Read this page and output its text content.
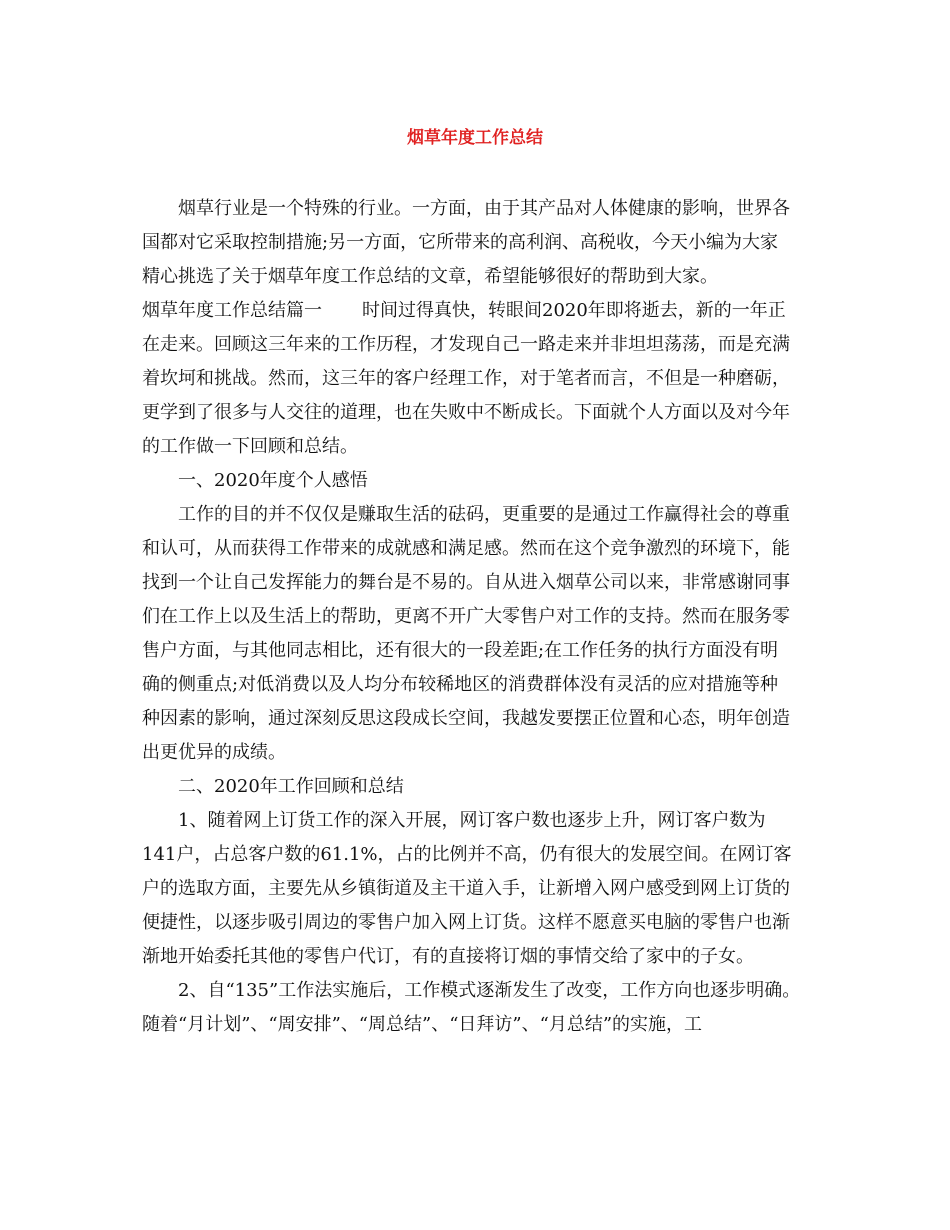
烟草年度工作总结
烟草行业是一个特殊的行业。一方面，由于其产品对人体健康的影响，世界各
国都对它采取控制措施;另一方面，它所带来的高利润、高税收，今天小编为大家
精心挑选了关于烟草年度工作总结的文章，希望能够很好的帮助到大家。
烟草年度工作总结篇一 时间过得真快，转眼间2020年即将逝去，新的一年正
在走来。回顾这三年来的工作历程，才发现自己一路走来并非坦坦荡荡，而是充满
着坎坷和挑战。然而，这三年的客户经理工作，对于笔者而言，不但是一种磨砺，
更学到了很多与人交往的道理，也在失败中不断成长。下面就个人方面以及对今年
的工作做一下回顾和总结。
一、2020年度个人感悟
工作的目的并不仅仅是赚取生活的砝码，更重要的是通过工作赢得社会的尊重
和认可，从而获得工作带来的成就感和满足感。然而在这个竞争激烈的环境下，能
找到一个让自己发挥能力的舞台是不易的。自从进入烟草公司以来，非常感谢同事
们在工作上以及生活上的帮助，更离不开广大零售户对工作的支持。然而在服务零
售户方面，与其他同志相比，还有很大的一段差距;在工作任务的执行方面没有明
确的侧重点;对低消费以及人均分布较稀地区的消费群体没有灵活的应对措施等种
种因素的影响，通过深刻反思这段成长空间，我越发要摆正位置和心态，明年创造
出更优异的成绩。
二、2020年工作回顾和总结
1、随着网上订货工作的深入开展，网订客户数也逐步上升，网订客户数为
141户，占总客户数的61.1%，占的比例并不高，仍有很大的发展空间。在网订客
户的选取方面，主要先从乡镇街道及主干道入手，让新增入网户感受到网上订货的
便捷性，以逐步吸引周边的零售户加入网上订货。这样不愿意买电脑的零售户也渐
渐地开始委托其他的零售户代订，有的直接将订烟的事情交给了家中的子女。
2、自“135”工作法实施后，工作模式逐渐发生了改变，工作方向也逐步明确。
随着“月计划”、“周安排”、“周总结”、“日拜访”、“月总结”的实施，工
